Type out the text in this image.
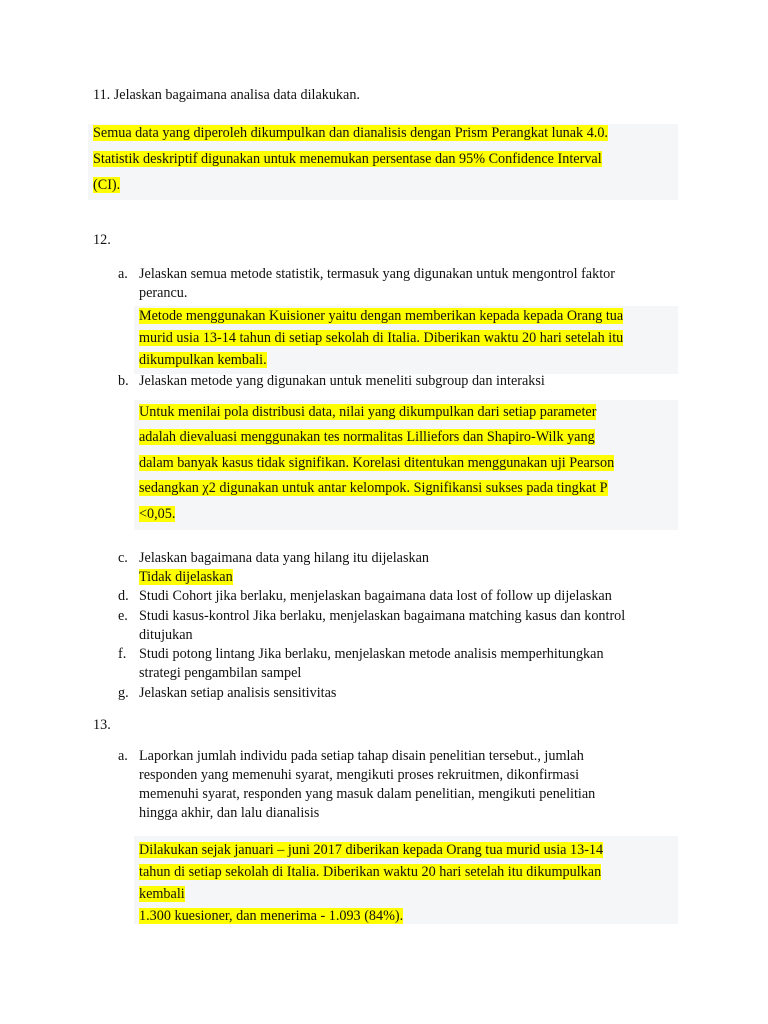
11. Jelaskan bagaimana analisa data dilakukan.
Semua data yang diperoleh dikumpulkan dan dianalisis dengan Prism Perangkat lunak 4.0.
Statistik deskriptif digunakan untuk menemukan persentase dan 95% Confidence Interval
(CI).
12.
a. Jelaskan semua metode statistik, termasuk yang digunakan untuk mengontrol faktor
perancu.
Metode menggunakan Kuisioner yaitu dengan memberikan kepada kepada Orang tua
murid usia 13-14 tahun di setiap sekolah di Italia. Diberikan waktu 20 hari setelah itu
dikumpulkan kembali.
b. Jelaskan metode yang digunakan untuk meneliti subgroup dan interaksi
Untuk menilai pola distribusi data, nilai yang dikumpulkan dari setiap parameter
adalah dievaluasi menggunakan tes normalitas Lilliefors dan Shapiro-Wilk yang
dalam banyak kasus tidak signifikan. Korelasi ditentukan menggunakan uji Pearson
sedangkan χ2 digunakan untuk antar kelompok. Signifikansi sukses pada tingkat P
<0,05.
c. Jelaskan bagaimana data yang hilang itu dijelaskan
Tidak dijelaskan
d. Studi Cohort jika berlaku, menjelaskan bagaimana data lost of follow up dijelaskan
e. Studi kasus-kontrol Jika berlaku, menjelaskan bagaimana matching kasus dan kontrol
ditujukan
f. Studi potong lintang Jika berlaku, menjelaskan metode analisis memperhitungkan
strategi pengambilan sampel
g. Jelaskan setiap analisis sensitivitas
13.
a. Laporkan jumlah individu pada setiap tahap disain penelitian tersebut., jumlah
responden yang memenuhi syarat, mengikuti proses rekruitmen, dikonfirmasi
memenuhi syarat, responden yang masuk dalam penelitian, mengikuti penelitian
hingga akhir, dan lalu dianalisis
Dilakukan sejak januari – juni 2017 diberikan kepada Orang tua murid usia 13-14
tahun di setiap sekolah di Italia. Diberikan waktu 20 hari setelah itu dikumpulkan
kembali
1.300 kuesioner, dan menerima - 1.093 (84%).
